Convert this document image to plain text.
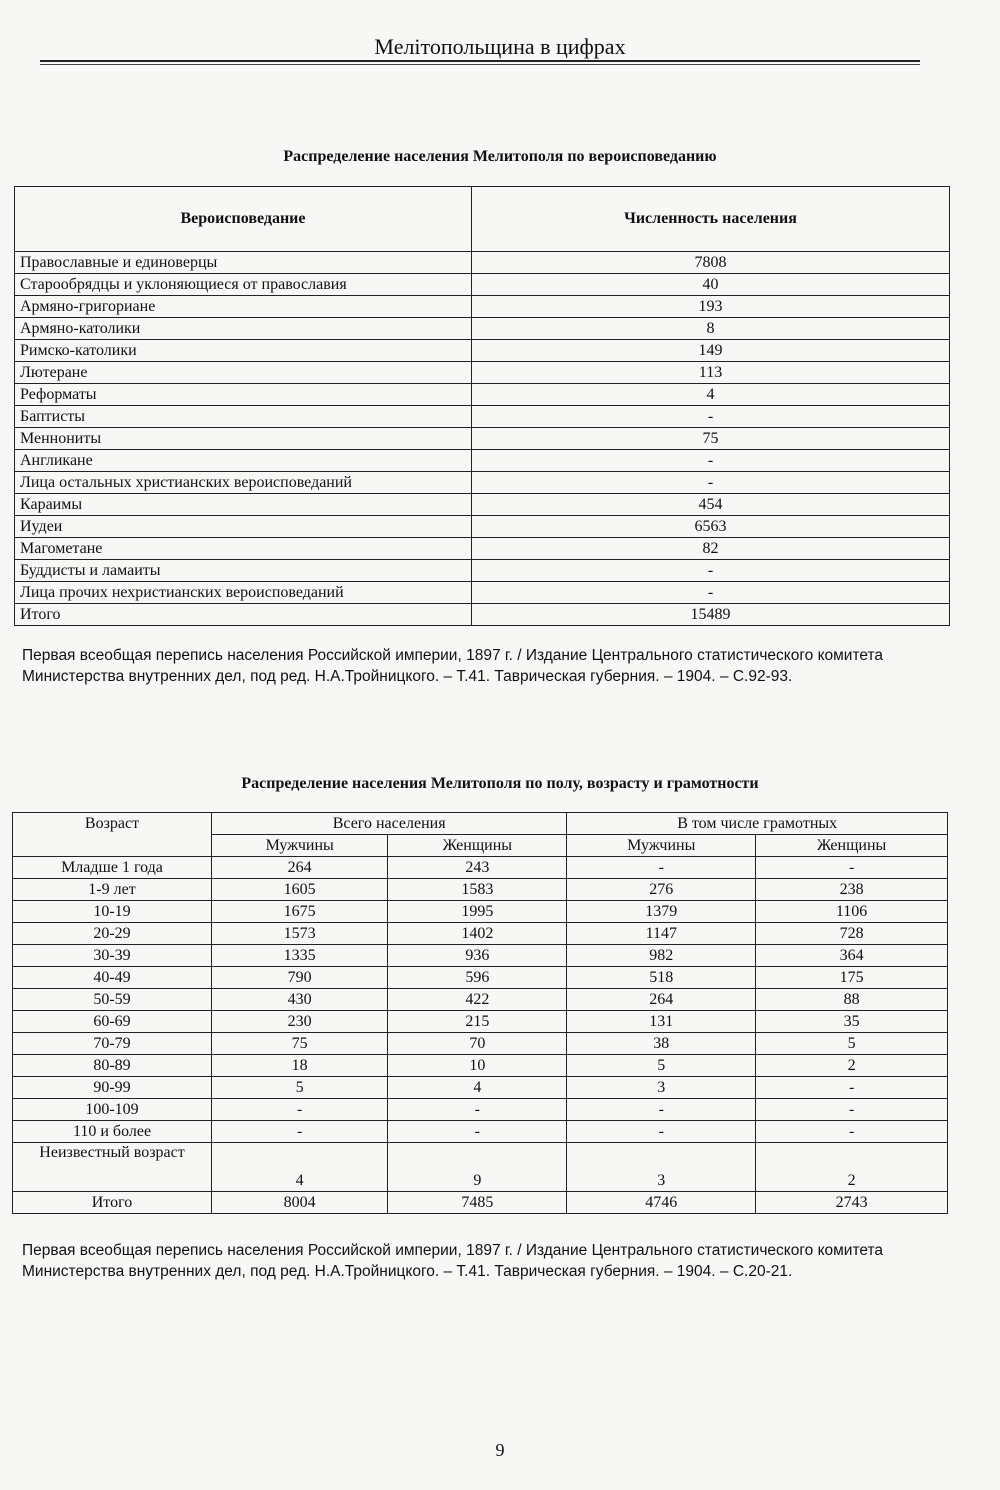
Мелітопольщина в цифрах
Распределение населения Мелитополя по вероисповеданию
Вероисповедание	Численность населения
Православные и единоверцы	7808
Старообрядцы и уклоняющиеся от православия	40
Армяно-григориане	193
Армяно-католики	8
Римско-католики	149
Лютеране	113
Реформаты	4
Баптисты	-
Меннониты	75
Англикане	-
Лица остальных христианских вероисповеданий	-
Караимы	454
Иудеи	6563
Магометане	82
Буддисты и ламаиты	-
Лица прочих нехристианских вероисповеданий	-
Итого	15489
Первая всеобщая перепись населения Российской империи, 1897 г. / Издание Центрального статистического комитета Министерства внутренних дел, под ред. Н.А.Тройницкого. – Т.41. Таврическая губерния. – 1904. – С.92-93.
Распределение населения Мелитополя по полу, возрасту и грамотности
Возраст	Всего населения		В том числе грамотных	
	Мужчины	Женщины	Мужчины	Женщины
Младше 1 года	264	243	-	-
1-9 лет	1605	1583	276	238
10-19	1675	1995	1379	1106
20-29	1573	1402	1147	728
30-39	1335	936	982	364
40-49	790	596	518	175
50-59	430	422	264	88
60-69	230	215	131	35
70-79	75	70	38	5
80-89	18	10	5	2
90-99	5	4	3	-
100-109	-	-	-	-
110 и более	-	-	-	-
Неизвестный возраст	4	9	3	2
Итого	8004	7485	4746	2743
Первая всеобщая перепись населения Российской империи, 1897 г. / Издание Центрального статистического комитета Министерства внутренних дел, под ред. Н.А.Тройницкого. – Т.41. Таврическая губерния. – 1904. – С.20-21.
9
